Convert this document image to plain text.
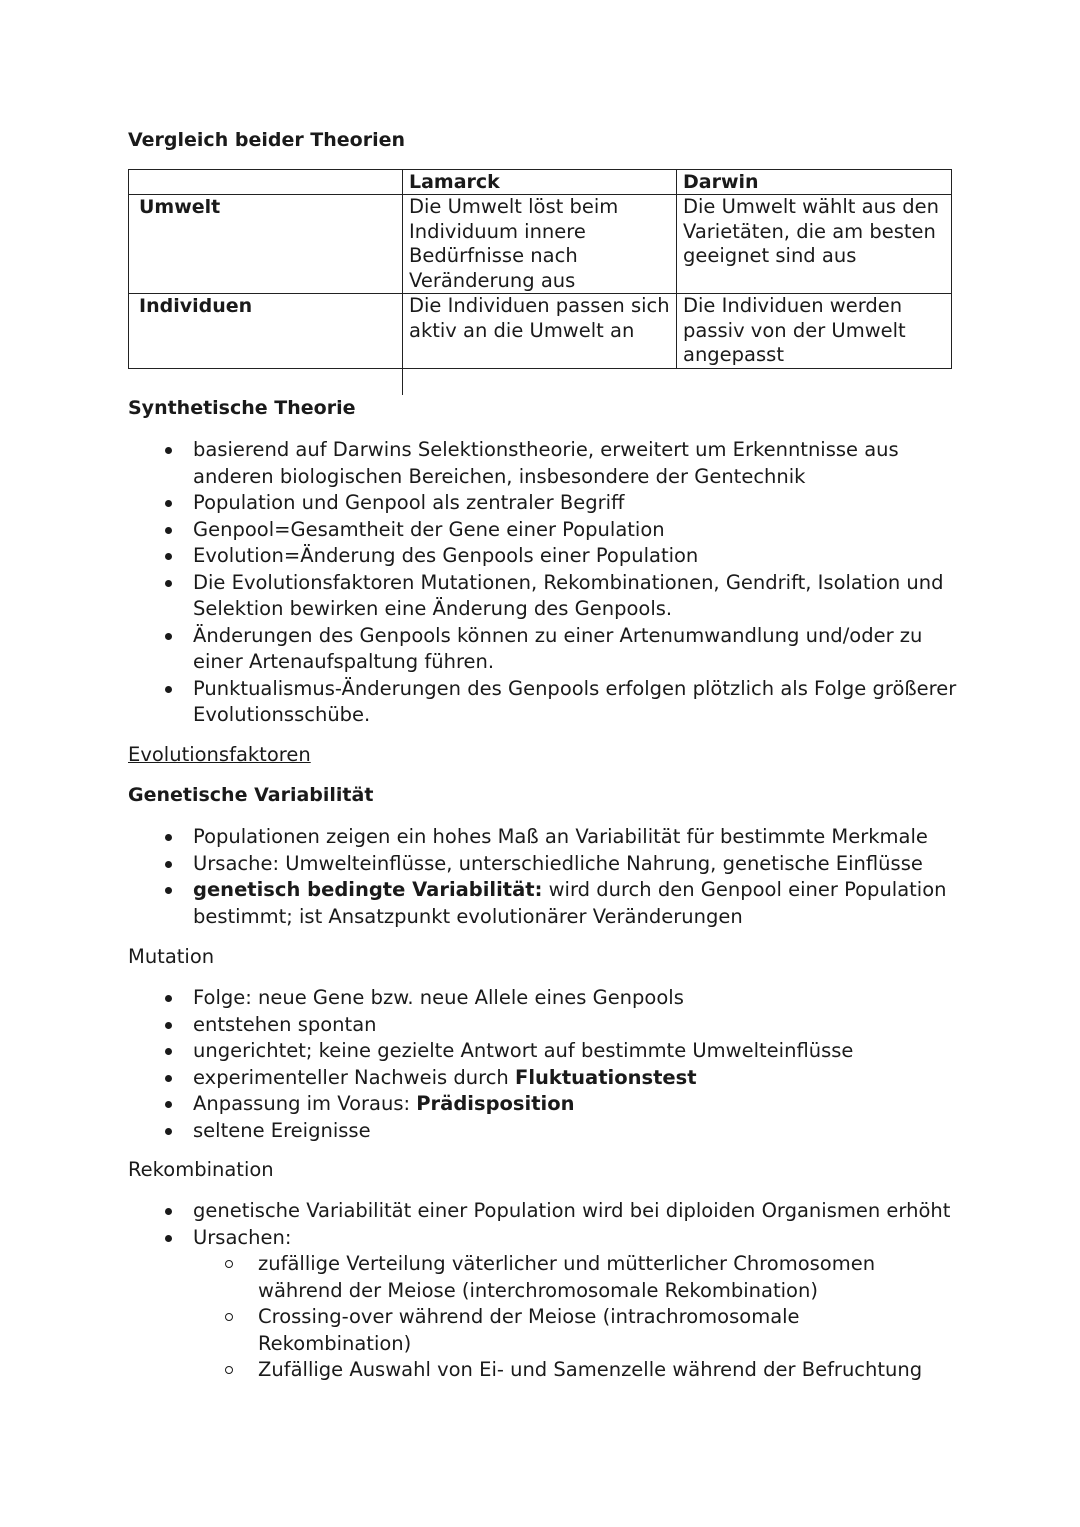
Vergleich beider Theorien
	Lamarck	Darwin
Umwelt	Die Umwelt löst beim Individuum innere Bedürfnisse nach Veränderung aus	Die Umwelt wählt aus den Varietäten, die am besten geeignet sind aus
Individuen	Die Individuen passen sich aktiv an die Umwelt an	Die Individuen werden passiv von der Umwelt angepasst
Synthetische Theorie
basierend auf Darwins Selektionstheorie, erweitert um Erkenntnisse aus anderen biologischen Bereichen, insbesondere der Gentechnik
Population und Genpool als zentraler Begriff
Genpool=Gesamtheit der Gene einer Population
Evolution=Änderung des Genpools einer Population
Die Evolutionsfaktoren Mutationen, Rekombinationen, Gendrift, Isolation und Selektion bewirken eine Änderung des Genpools.
Änderungen des Genpools können zu einer Artenumwandlung und/oder zu einer Artenaufspaltung führen.
Punktualismus-Änderungen des Genpools erfolgen plötzlich als Folge größerer Evolutionsschübe.
Evolutionsfaktoren
Genetische Variabilität
Populationen zeigen ein hohes Maß an Variabilität für bestimmte Merkmale
Ursache: Umwelteinflüsse, unterschiedliche Nahrung, genetische Einflüsse
genetisch bedingte Variabilität: wird durch den Genpool einer Population bestimmt; ist Ansatzpunkt evolutionärer Veränderungen
Mutation
Folge: neue Gene bzw. neue Allele eines Genpools
entstehen spontan
ungerichtet; keine gezielte Antwort auf bestimmte Umwelteinflüsse
experimenteller Nachweis durch Fluktuationstest
Anpassung im Voraus: Prädisposition
seltene Ereignisse
Rekombination
genetische Variabilität einer Population wird bei diploiden Organismen erhöht
Ursachen:
zufällige Verteilung väterlicher und mütterlicher Chromosomen während der Meiose (interchromosomale Rekombination)
Crossing-over während der Meiose (intrachromosomale Rekombination)
Zufällige Auswahl von Ei- und Samenzelle während der Befruchtung
